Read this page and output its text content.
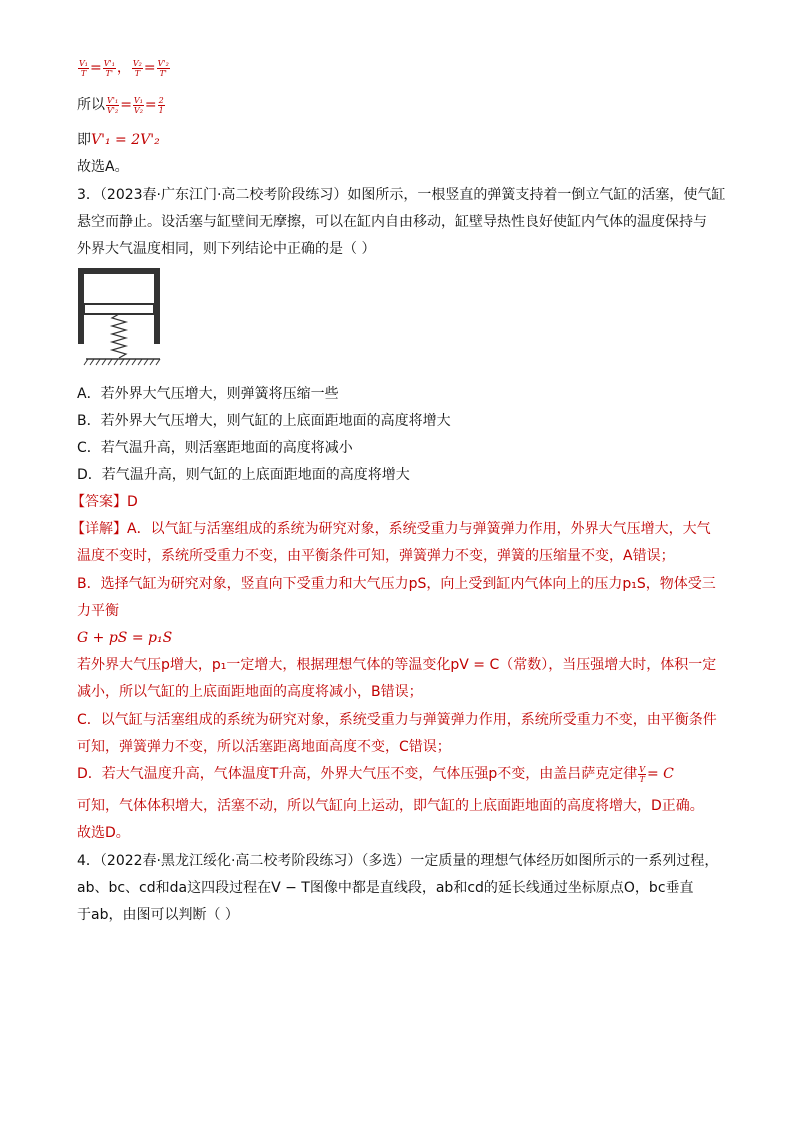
$\frac{\text{V₁}}{T} = \frac{\text{V'₁}}{T'}$ ， $\frac{\text{V₂}}{T} = \frac{\text{V'₂}}{T'}$
所以 $\frac{\text{V'₁}}{\text{V'₂}} = \frac{\text{V₁}}{\text{V₂}} = \frac{2}{1}$
即V'₁ = 2V'₂
故选A。
3．（2023春·广东江门·高二校考阶段练习）如图所示，一根竖直的弹簧支持着一倒立气缸的活塞，使气缸
悬空而静止。设活塞与缸壁间无摩擦，可以在缸内自由移动，缸壁导热性良好使缸内气体的温度保持与
外界大气温度相同，则下列结论中正确的是（ ）
A．若外界大气压增大，则弹簧将压缩一些
B．若外界大气压增大，则气缸的上底面距地面的高度将增大
C．若气温升高，则活塞距地面的高度将减小
D．若气温升高，则气缸的上底面距地面的高度将增大
【答案】D
【详解】A．以气缸与活塞组成的系统为研究对象，系统受重力与弹簧弹力作用，外界大气压增大，大气
温度不变时，系统所受重力不变，由平衡条件可知，弹簧弹力不变，弹簧的压缩量不变，A错误；
B．选择气缸为研究对象，竖直向下受重力和大气压力pS，向上受到缸内气体向上的压力p₁S，物体受三
力平衡
G + pS = p₁S
若外界大气压p增大，p₁一定增大，根据理想气体的等温变化pV = C（常数），当压强增大时，体积一定
减小，所以气缸的上底面距地面的高度将减小，B错误；
C．以气缸与活塞组成的系统为研究对象，系统受重力与弹簧弹力作用，系统所受重力不变，由平衡条件
可知，弹簧弹力不变，所以活塞距离地面高度不变，C错误；
D．若大气温度升高，气体温度T升高，外界大气压不变，气体压强p不变，由盖吕萨克定律 $\frac{V}{T} = C$
可知，气体体积增大，活塞不动，所以气缸向上运动，即气缸的上底面距地面的高度将增大，D正确。
故选D。
4．（2022春·黑龙江绥化·高二校考阶段练习）（多选）一定质量的理想气体经历如图所示的一系列过程，
ab、bc、cd和da这四段过程在V − T图像中都是直线段，ab和cd的延长线通过坐标原点O，bc垂直
于ab，由图可以判断（ ）
